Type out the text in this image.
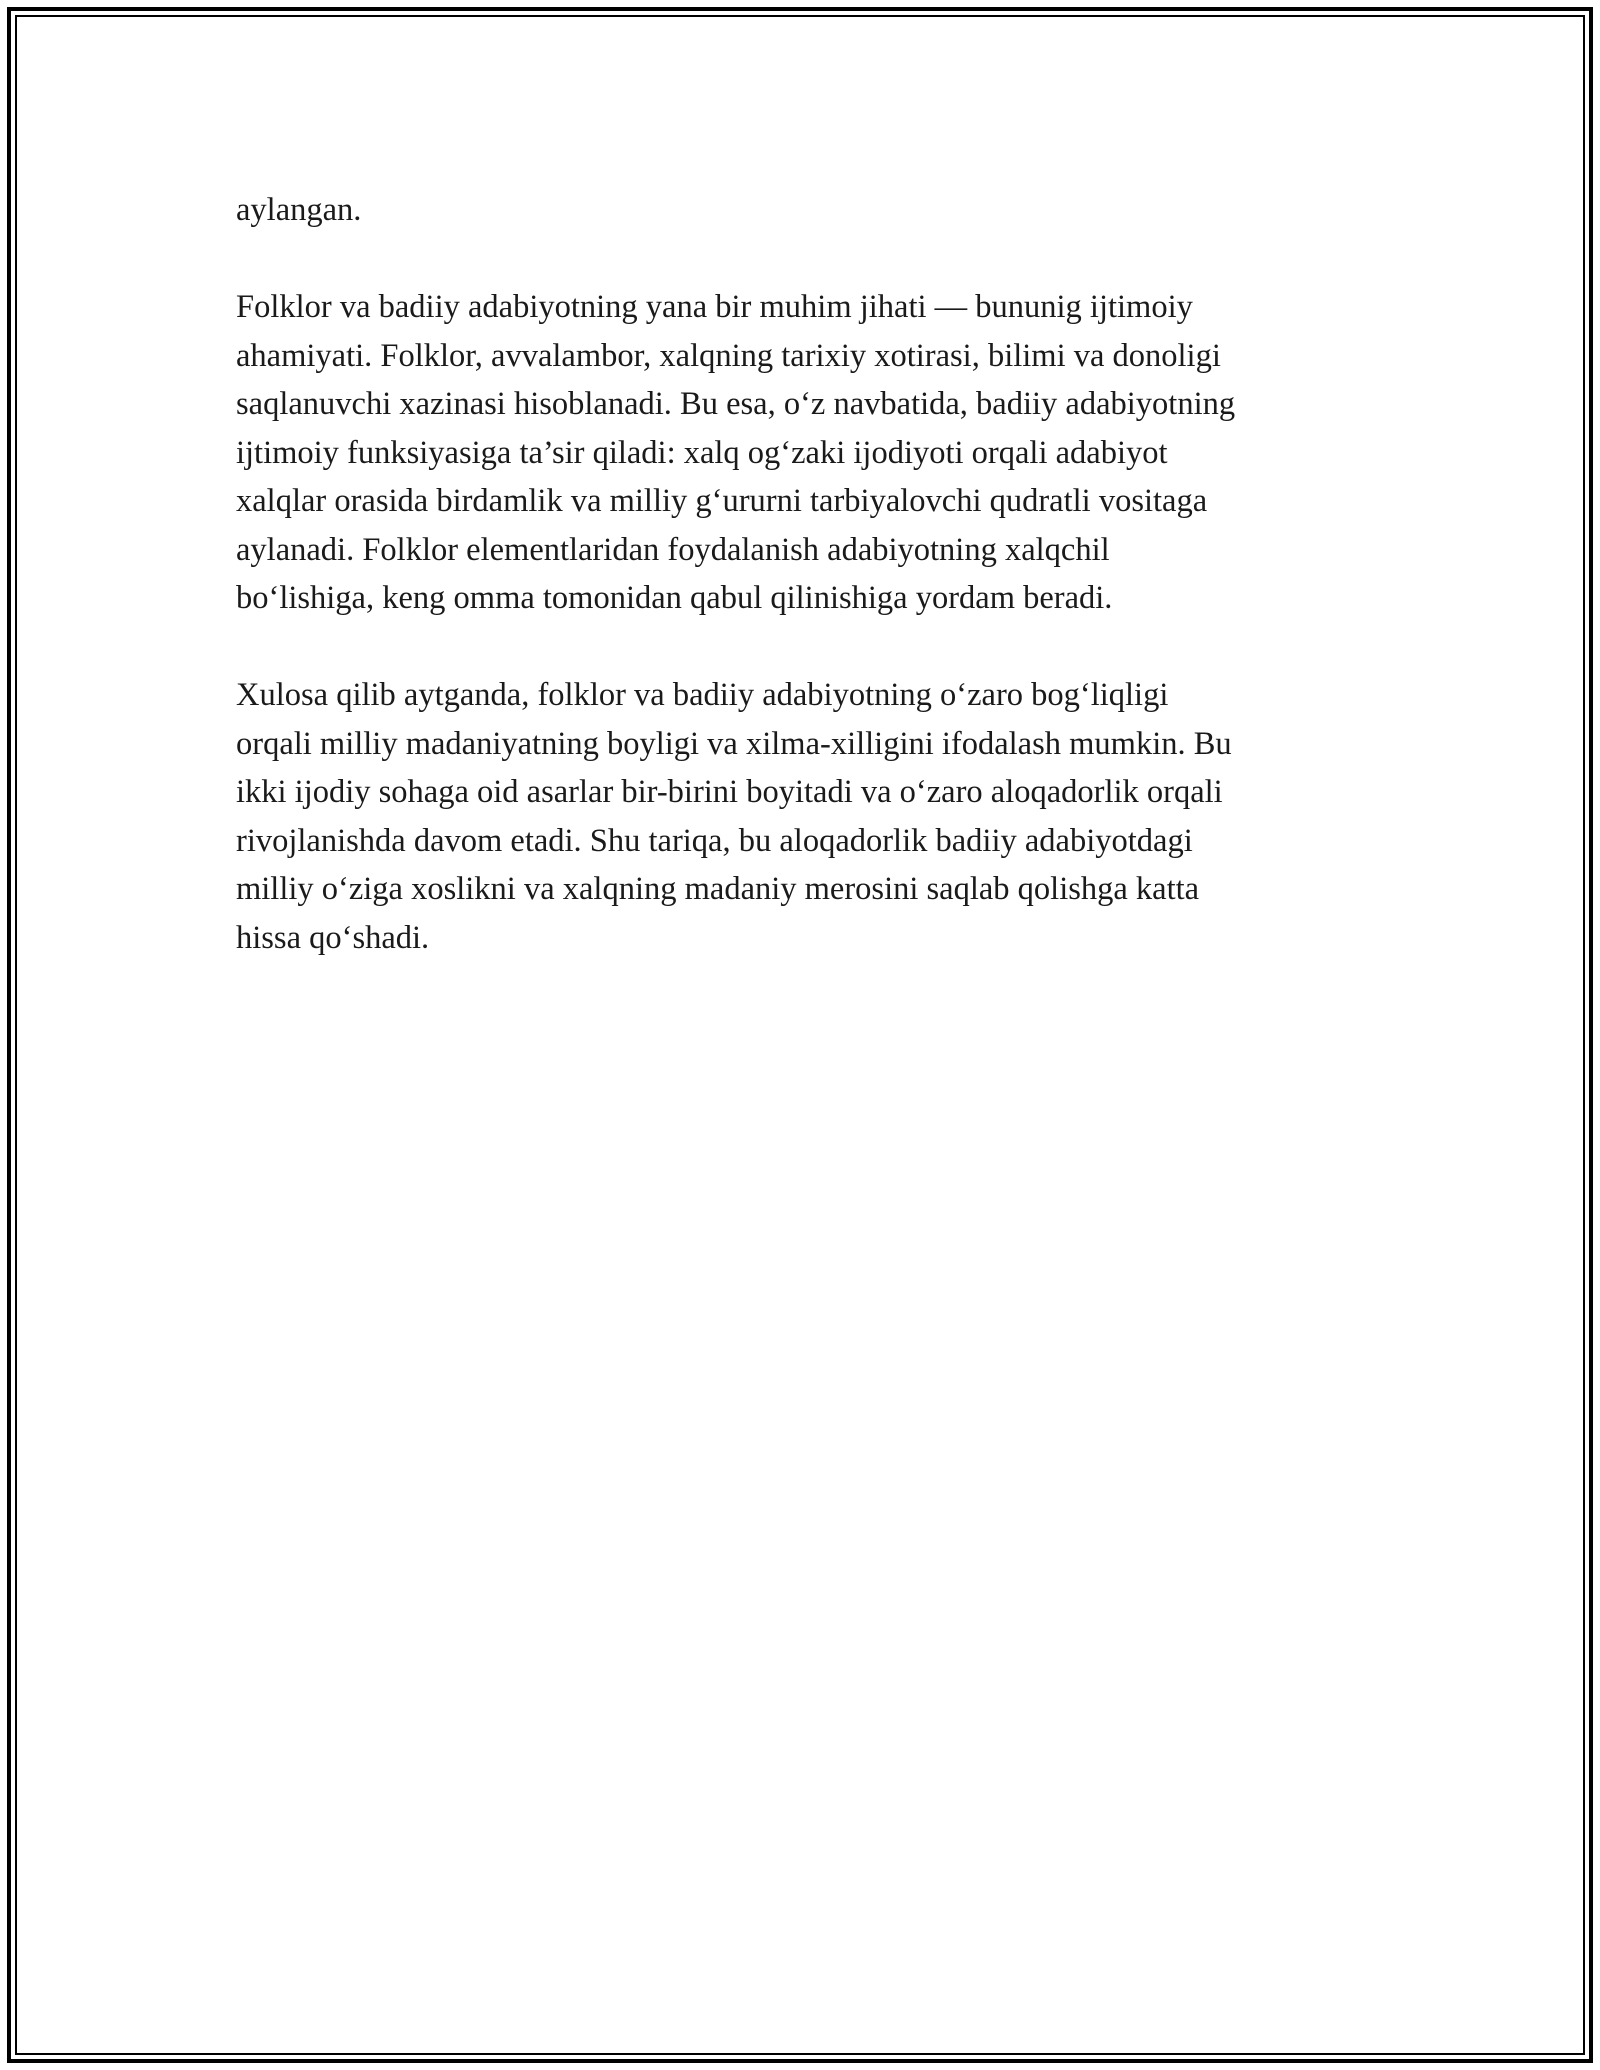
aylangan.

Folklor va badiiy adabiyotning yana bir muhim jihati — bununig ijtimoiy
ahamiyati. Folklor, avvalambor, xalqning tarixiy xotirasi, bilimi va donoligi
saqlanuvchi xazinasi hisoblanadi. Bu esa, o‘z navbatida, badiiy adabiyotning
ijtimoiy funksiyasiga ta’sir qiladi: xalq og‘zaki ijodiyoti orqali adabiyot
xalqlar orasida birdamlik va milliy g‘ururni tarbiyalovchi qudratli vositaga
aylanadi. Folklor elementlaridan foydalanish adabiyotning xalqchil
bo‘lishiga, keng omma tomonidan qabul qilinishiga yordam beradi.

Xulosa qilib aytganda, folklor va badiiy adabiyotning o‘zaro bog‘liqligi
orqali milliy madaniyatning boyligi va xilma-xilligini ifodalash mumkin. Bu
ikki ijodiy sohaga oid asarlar bir-birini boyitadi va o‘zaro aloqadorlik orqali
rivojlanishda davom etadi. Shu tariqa, bu aloqadorlik badiiy adabiyotdagi
milliy o‘ziga xoslikni va xalqning madaniy merosini saqlab qolishga katta
hissa qo‘shadi.
